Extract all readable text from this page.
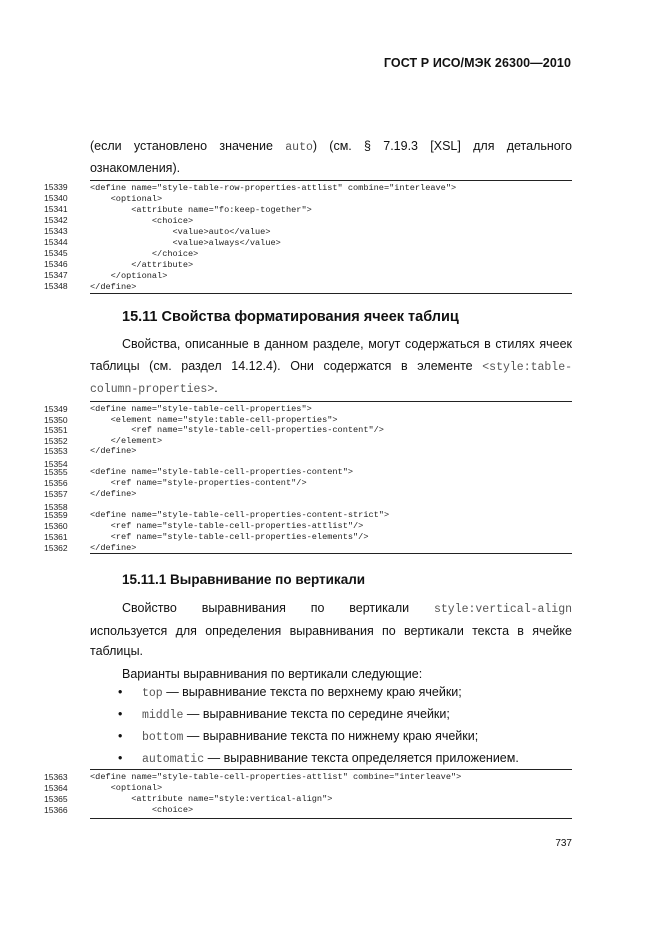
ГОСТ Р ИСО/МЭК 26300—2010
(если установлено значение auto) (см. § 7.19.3 [XSL] для детального
ознакомления).
15339
15340
15341
15342
15343
15344
15345
15346
15347
15348
<define name="style-table-row-properties-attlist" combine="interleave">
<optional>
<attribute name="fo:keep-together">
<choice>
<value>auto</value>
<value>always</value>
</choice>
</attribute>
</optional>
</define>
15.11 Свойства форматирования ячеек таблиц
Свойства, описанные в данном разделе, могут содержаться в стилях ячеек
таблицы (см. раздел 14.12.4). Они содержатся в элементе <style:table-
column-properties>.
15349
15350
15351
15352
15353
15354
15355
15356
15357
15358
15359
15360
15361
15362
<define name="style-table-cell-properties">
<element name="style:table-cell-properties">
<ref name="style-table-cell-properties-content"/>
</element>
</define>
<define name="style-table-cell-properties-content">
<ref name="style-properties-content"/>
</define>
<define name="style-table-cell-properties-content-strict">
<ref name="style-table-cell-properties-attlist"/>
<ref name="style-table-cell-properties-elements"/>
</define>
15.11.1 Выравнивание по вертикали
Свойство выравнивания по вертикали style:vertical-align
используется для определения выравнивания по вертикали текста в ячейке
таблицы.
Варианты выравнивания по вертикали следующие:
• top — выравнивание текста по верхнему краю ячейки;
• middle — выравнивание текста по середине ячейки;
• bottom — выравнивание текста по нижнему краю ячейки;
• automatic — выравнивание текста определяется приложением.
15363
15364
15365
15366
<define name="style-table-cell-properties-attlist" combine="interleave">
<optional>
<attribute name="style:vertical-align">
<choice>
737
